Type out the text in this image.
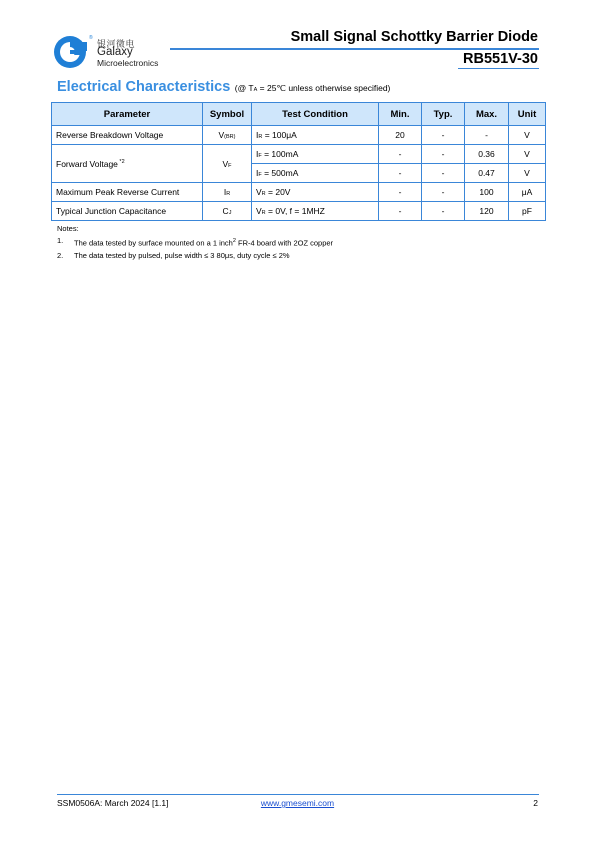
®
银河微电
Galaxy
Microelectronics
Small Signal Schottky Barrier Diode
RB551V-30
Electrical Characteristics (@ TA = 25℃ unless otherwise specified)
Parameter	Symbol	Test Condition	Min.	Typ.	Max.	Unit
Reverse Breakdown Voltage	V(BR)	IR = 100μA	20	-	-	V
Forward Voltage $^{*2}$	VF	IF = 100mA	-	-	0.36	V
		IF = 500mA	-	-	0.47	V
Maximum Peak Reverse Current	IR	VR = 20V	-	-	100	μA
Typical Junction Capacitance	CJ	VR = 0V, f = 1MHZ	-	-	120	pF
Notes:
1.	The data tested by surface mounted on a 1 inch$^2$ FR-4 board with 2OZ copper
2.	The data tested by pulsed, pulse width ≤ 3 80μs, duty cycle ≤ 2%
SSM0506A: March 2024 [1.1]	www.gmesemi.com	2
